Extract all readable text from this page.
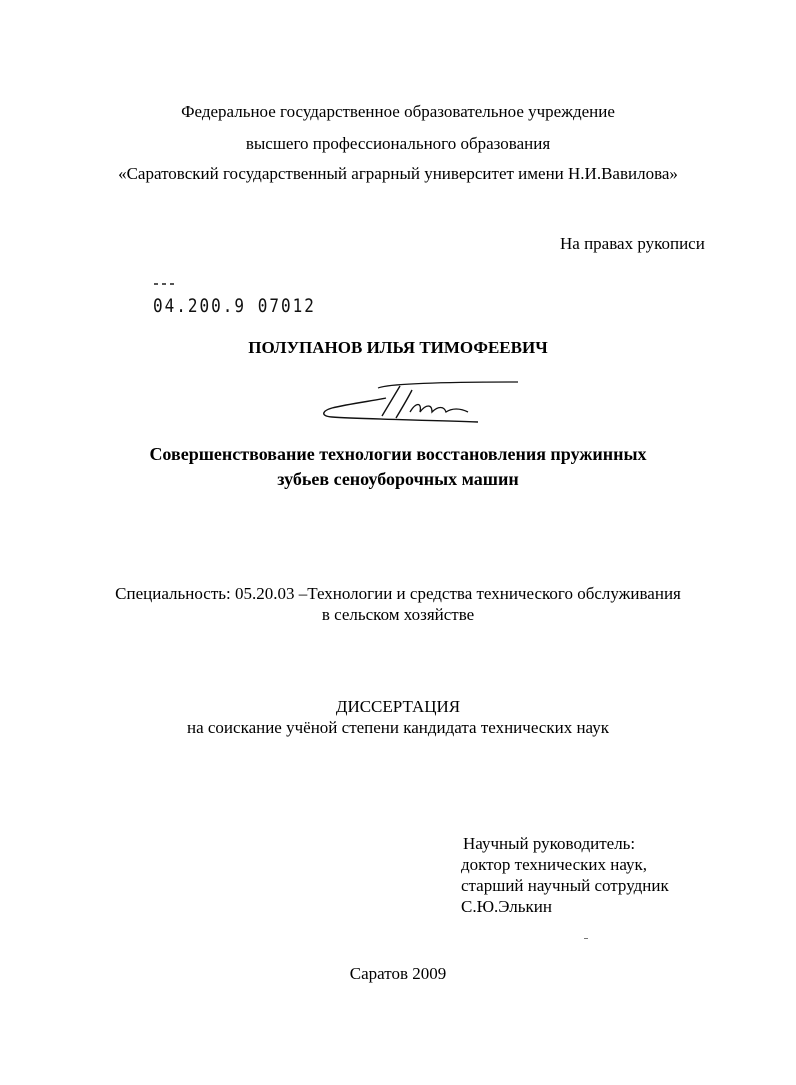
Федеральное государственное образовательное учреждение
высшего профессионального образования
«Саратовский государственный аграрный университет имени Н.И.Вавилова»
На правах рукописи
04.200.9 07012
ПОЛУПАНОВ ИЛЬЯ ТИМОФЕЕВИЧ
Совершенствование технологии восстановления пружинных
зубьев сеноуборочных машин
Специальность: 05.20.03 –Технологии и средства технического обслуживания
в сельском хозяйстве
ДИССЕРТАЦИЯ
на соискание учёной степени кандидата технических наук
Научный руководитель:
доктор технических наук,
старший научный сотрудник
С.Ю.Элькин
Саратов 2009
